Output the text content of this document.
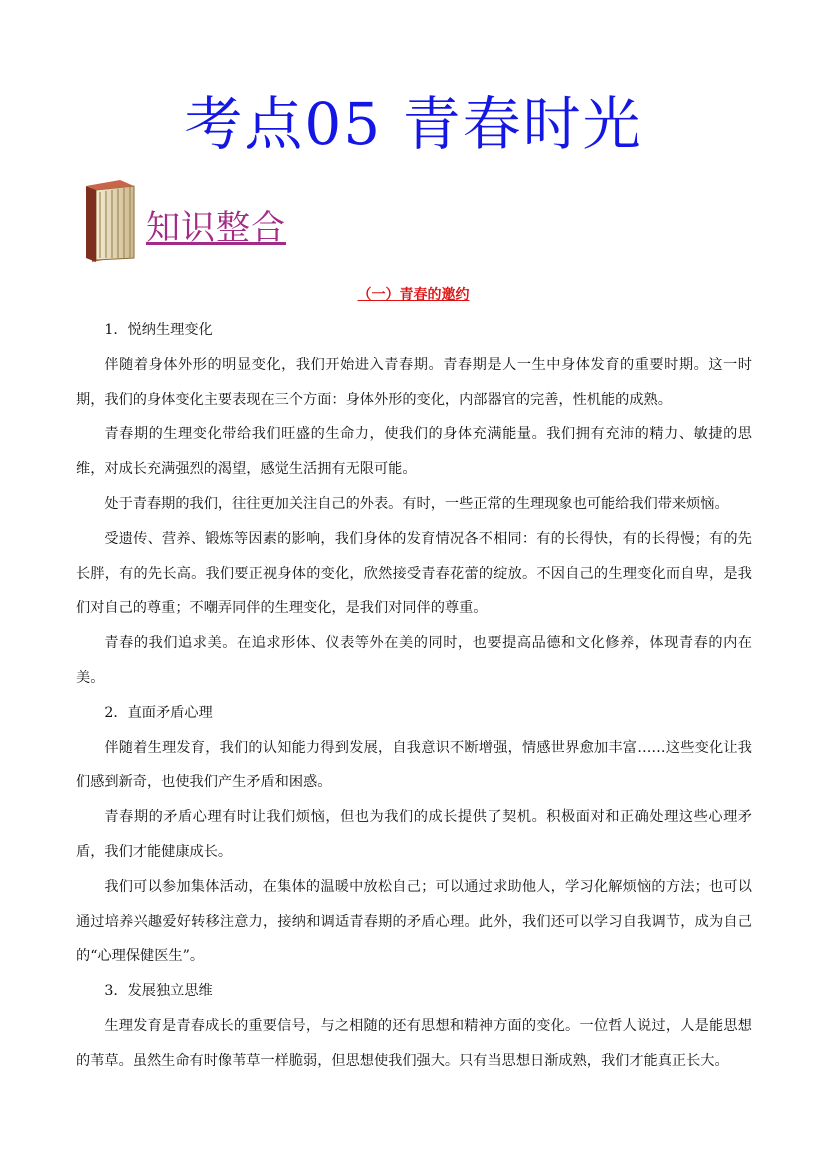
考点05 青春时光
知识整合
（一）青春的邀约

1．悦纳生理变化

伴随着身体外形的明显变化，我们开始进入青春期。青春期是人一生中身体发育的重要时期。这一时期，我们的身体变化主要表现在三个方面：身体外形的变化，内部器官的完善，性机能的成熟。

青春期的生理变化带给我们旺盛的生命力，使我们的身体充满能量。我们拥有充沛的精力、敏捷的思维，对成长充满强烈的渴望，感觉生活拥有无限可能。

处于青春期的我们，往往更加关注自己的外表。有时，一些正常的生理现象也可能给我们带来烦恼。

受遗传、营养、锻炼等因素的影响，我们身体的发育情况各不相同：有的长得快，有的长得慢；有的先长胖，有的先长高。我们要正视身体的变化，欣然接受青春花蕾的绽放。不因自己的生理变化而自卑，是我们对自己的尊重；不嘲弄同伴的生理变化，是我们对同伴的尊重。

青春的我们追求美。在追求形体、仪表等外在美的同时，也要提高品德和文化修养，体现青春的内在美。

2．直面矛盾心理

伴随着生理发育，我们的认知能力得到发展，自我意识不断增强，情感世界愈加丰富……这些变化让我们感到新奇，也使我们产生矛盾和困惑。

青春期的矛盾心理有时让我们烦恼，但也为我们的成长提供了契机。积极面对和正确处理这些心理矛盾，我们才能健康成长。

我们可以参加集体活动，在集体的温暖中放松自己；可以通过求助他人，学习化解烦恼的方法；也可以通过培养兴趣爱好转移注意力，接纳和调适青春期的矛盾心理。此外，我们还可以学习自我调节，成为自己的“心理保健医生”。

3．发展独立思维

生理发育是青春成长的重要信号，与之相随的还有思想和精神方面的变化。一位哲人说过，人是能思想的苇草。虽然生命有时像苇草一样脆弱，但思想使我们强大。只有当思想日渐成熟，我们才能真正长大。
